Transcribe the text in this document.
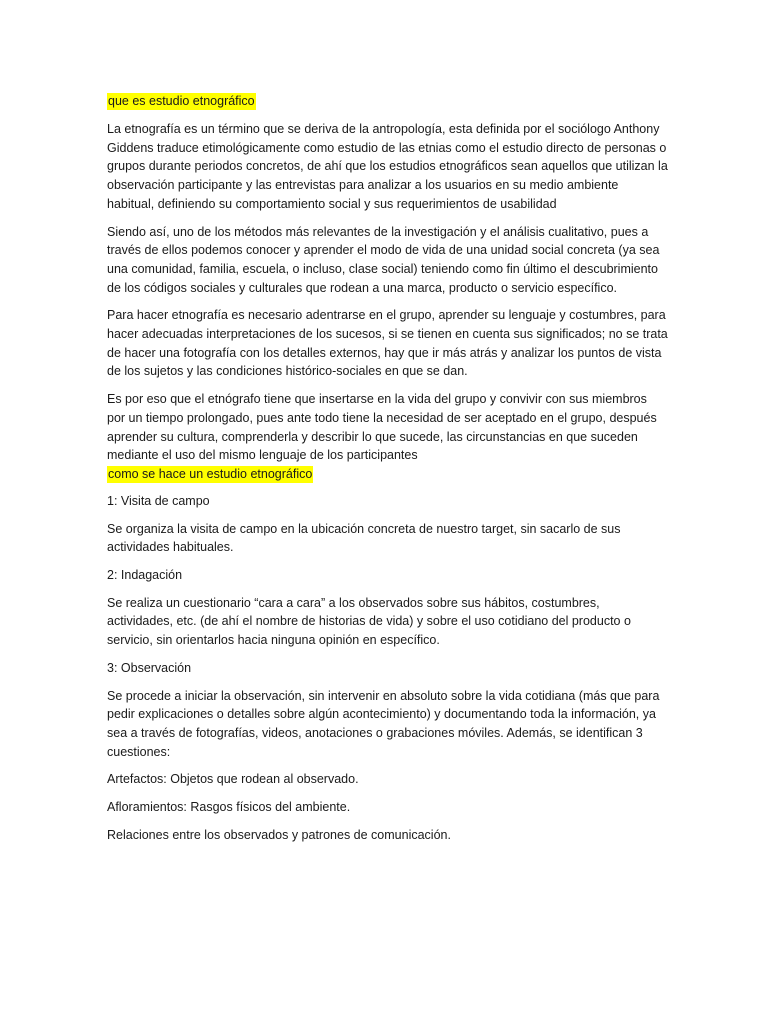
que es estudio etnográfico

La etnografía es un término que se deriva de la antropología, esta definida por el sociólogo Anthony Giddens traduce etimológicamente como estudio de las etnias como el estudio directo de personas o grupos durante periodos concretos, de ahí que los estudios etnográficos sean aquellos que utilizan la observación participante y las entrevistas para analizar a los usuarios en su medio ambiente habitual, definiendo su comportamiento social y sus requerimientos de usabilidad

Siendo así, uno de los métodos más relevantes de la investigación y el análisis cualitativo, pues a través de ellos podemos conocer y aprender el modo de vida de una unidad social concreta (ya sea una comunidad, familia, escuela, o incluso, clase social) teniendo como fin último el descubrimiento de los códigos sociales y culturales que rodean a una marca, producto o servicio específico.

Para hacer etnografía es necesario adentrarse en el grupo, aprender su lenguaje y costumbres, para hacer adecuadas interpretaciones de los sucesos, si se tienen en cuenta sus significados; no se trata de hacer una fotografía con los detalles externos, hay que ir más atrás y analizar los puntos de vista de los sujetos y las condiciones histórico-sociales en que se dan.

Es por eso que el etnógrafo tiene que insertarse en la vida del grupo y convivir con sus miembros por un tiempo prolongado, pues ante todo tiene la necesidad de ser aceptado en el grupo, después aprender su cultura, comprenderla y describir lo que sucede, las circunstancias en que suceden mediante el uso del mismo lenguaje de los participantes

como se hace un estudio etnográfico

1: Visita de campo

Se organiza la visita de campo en la ubicación concreta de nuestro target, sin sacarlo de sus actividades habituales.

2: Indagación

Se realiza un cuestionario “cara a cara” a los observados sobre sus hábitos, costumbres, actividades, etc. (de ahí el nombre de historias de vida) y sobre el uso cotidiano del producto o servicio, sin orientarlos hacia ninguna opinión en específico.

3: Observación

Se procede a iniciar la observación, sin intervenir en absoluto sobre la vida cotidiana (más que para pedir explicaciones o detalles sobre algún acontecimiento) y documentando toda la información, ya sea a través de fotografías, videos, anotaciones o grabaciones móviles. Además, se identifican 3 cuestiones:

Artefactos: Objetos que rodean al observado.

Afloramientos: Rasgos físicos del ambiente.

Relaciones entre los observados y patrones de comunicación.
